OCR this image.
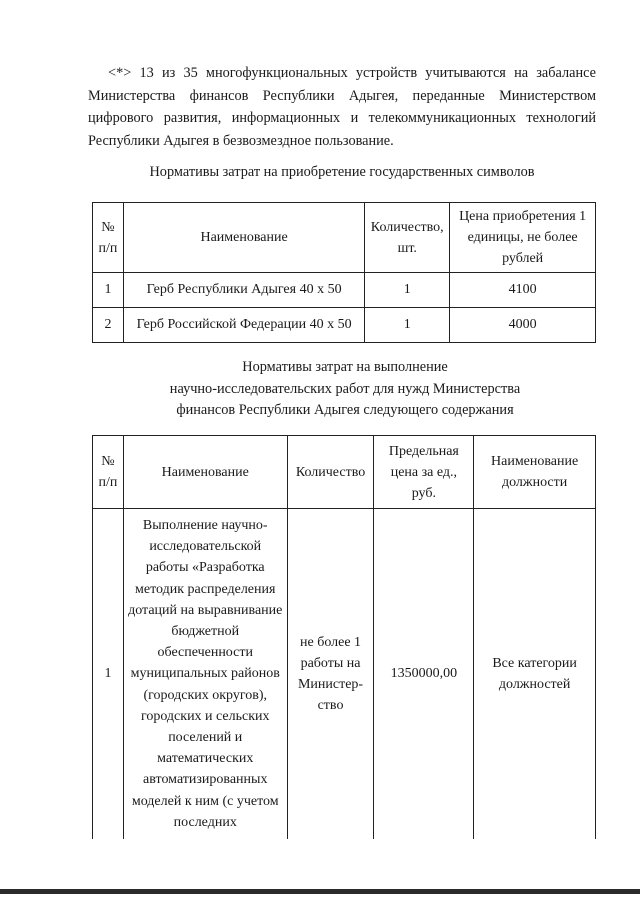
<*> 13 из 35 многофункциональных устройств учитываются на забалансе Министерства финансов Республики Адыгея, переданные Министерством цифрового развития, информационных и телекоммуникационных технологий Республики Адыгея в безвозмездное пользование.

Нормативы затрат на приобретение государственных символов
№ п/п	Наименование	Количество, шт.	Цена приобретения 1 единицы, не более рублей
1	Герб Республики Адыгея 40 x 50	1	4100
2	Герб Российской Федерации 40 x 50	1	4000
Нормативы затрат на выполнение
научно-исследовательских работ для нужд Министерства
финансов Республики Адыгея следующего содержания
№ п/п	Наименование	Количество	Предельная цена за ед., руб.	Наименование должности
1	Выполнение научно-исследовательской работы «Разработка методик распределения дотаций на выравнивание бюджетной обеспеченности муниципальных районов (городских округов), городских и сельских поселений и математических автоматизированных моделей к ним (с учетом последних	не более 1 работы на Министер-ство	1350000,00	Все категории должностей
